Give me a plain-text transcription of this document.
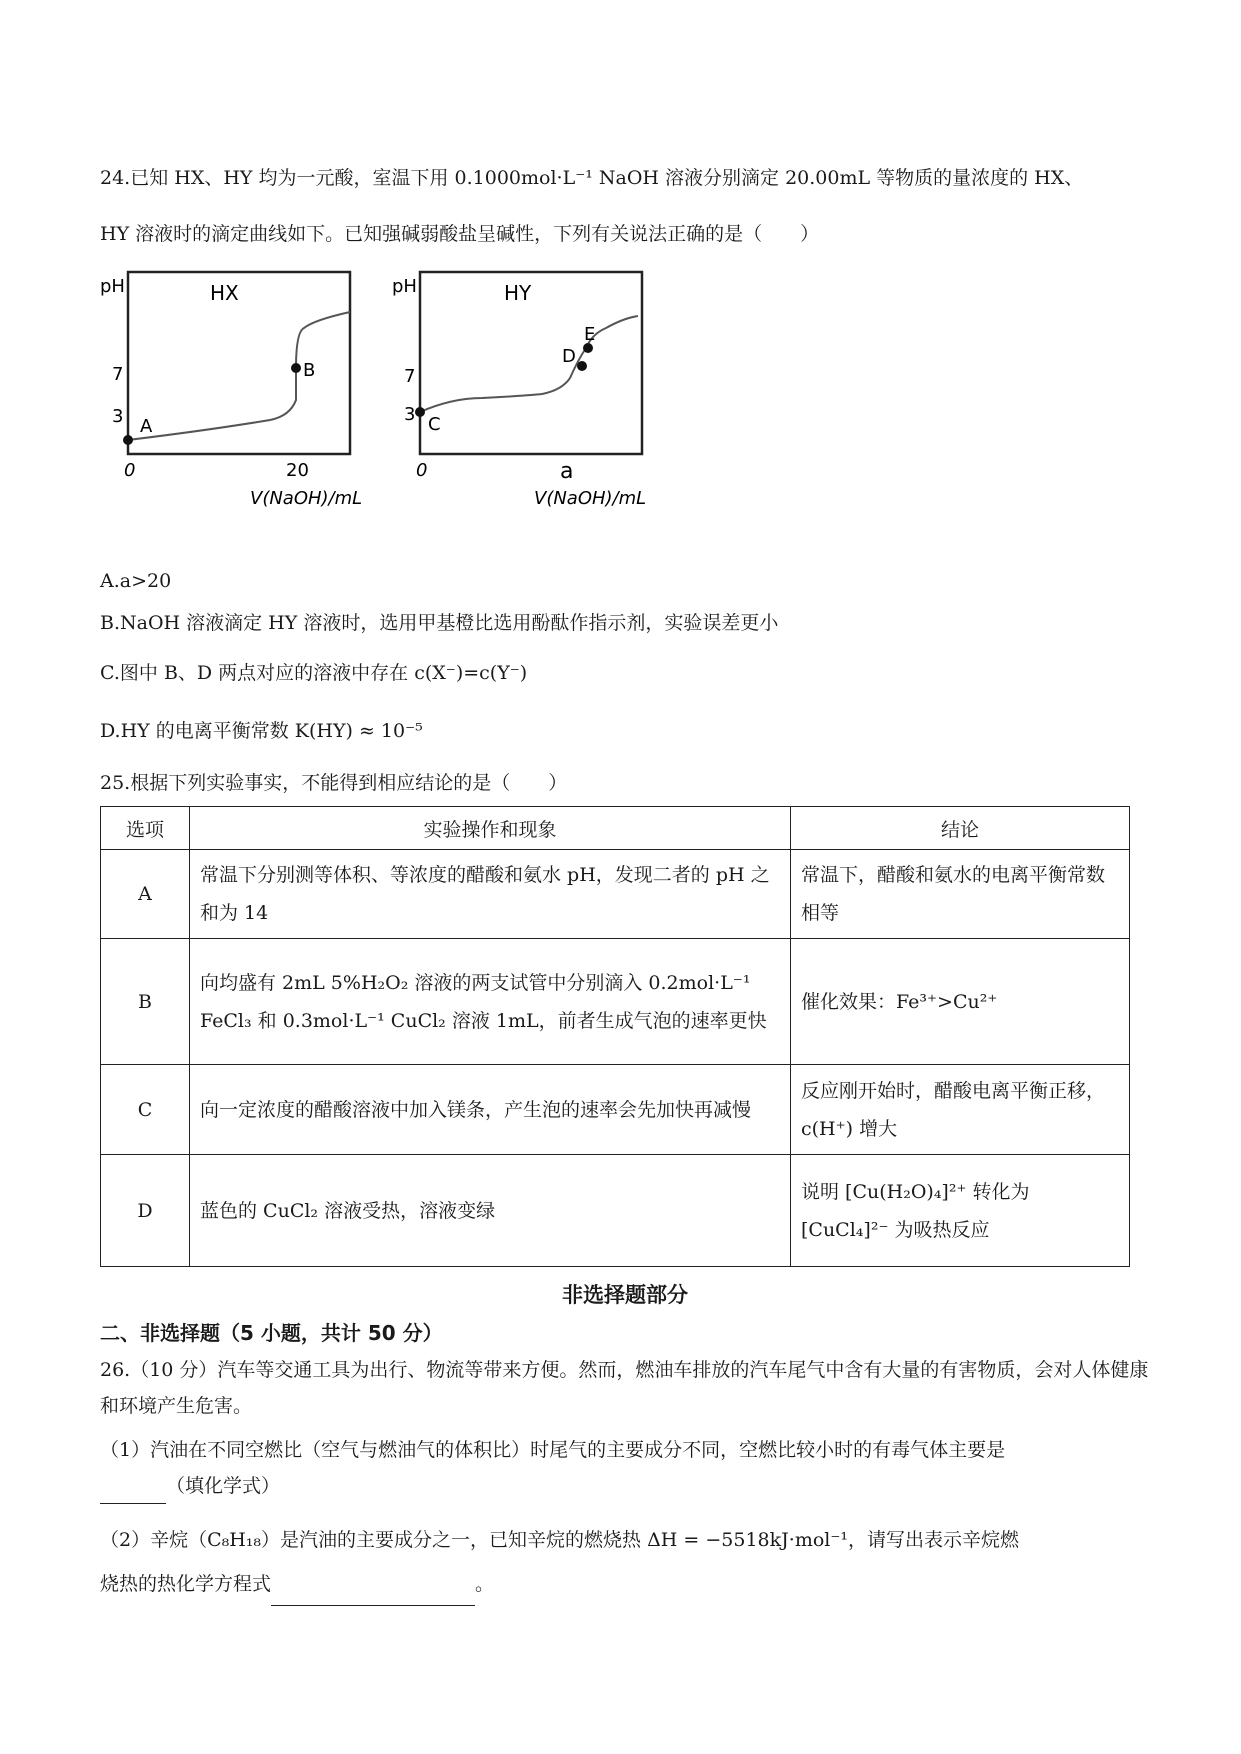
24.已知 HX、HY 均为一元酸，室温下用 0.1000mol·L⁻¹ NaOH 溶液分别滴定 20.00mL 等物质的量浓度的 HX、
HY 溶液时的滴定曲线如下。已知强碱弱酸盐呈碱性，下列有关说法正确的是（　　）
pH	HX
7
3
0	20
V(NaOH)/mL
A
B
pH	HY
7
3
0	a
V(NaOH)/mL
C
D
E
A.a>20
B.NaOH 溶液滴定 HY 溶液时，选用甲基橙比选用酚酞作指示剂，实验误差更小
C.图中 B、D 两点对应的溶液中存在 c(X⁻)=c(Y⁻)
D.HY 的电离平衡常数 K(HY) ≈ 10⁻⁵
25.根据下列实验事实，不能得到相应结论的是（　　）
选项	实验操作和现象	结论
A	常温下分别测等体积、等浓度的醋酸和氨水 pH，发现二者的 pH 之和为 14	常温下，醋酸和氨水的电离平衡常数相等
B	向均盛有 2mL 5%H₂O₂ 溶液的两支试管中分别滴入 0.2mol·L⁻¹ FeCl₃ 和 0.3mol·L⁻¹ CuCl₂ 溶液 1mL，前者生成气泡的速率更快	催化效果：Fe³⁺>Cu²⁺
C	向一定浓度的醋酸溶液中加入镁条，产生泡的速率会先加快再减慢	反应刚开始时，醋酸电离平衡正移，c(H⁺) 增大
D	蓝色的 CuCl₂ 溶液受热，溶液变绿	说明 [Cu(H₂O)₄]²⁺ 转化为 [CuCl₄]²⁻ 为吸热反应
非选择题部分
二、非选择题（5 小题，共计 50 分）
26.（10 分）汽车等交通工具为出行、物流等带来方便。然而，燃油车排放的汽车尾气中含有大量的有害物质，会对人体健康和环境产生危害。
（1）汽油在不同空燃比（空气与燃油气的体积比）时尾气的主要成分不同，空燃比较小时的有毒气体主要是
（填化学式）
（2）辛烷（C₈H₁₈）是汽油的主要成分之一，已知辛烷的燃烧热 ΔH = −5518kJ·mol⁻¹，请写出表示辛烷燃
烧热的热化学方程式	。
